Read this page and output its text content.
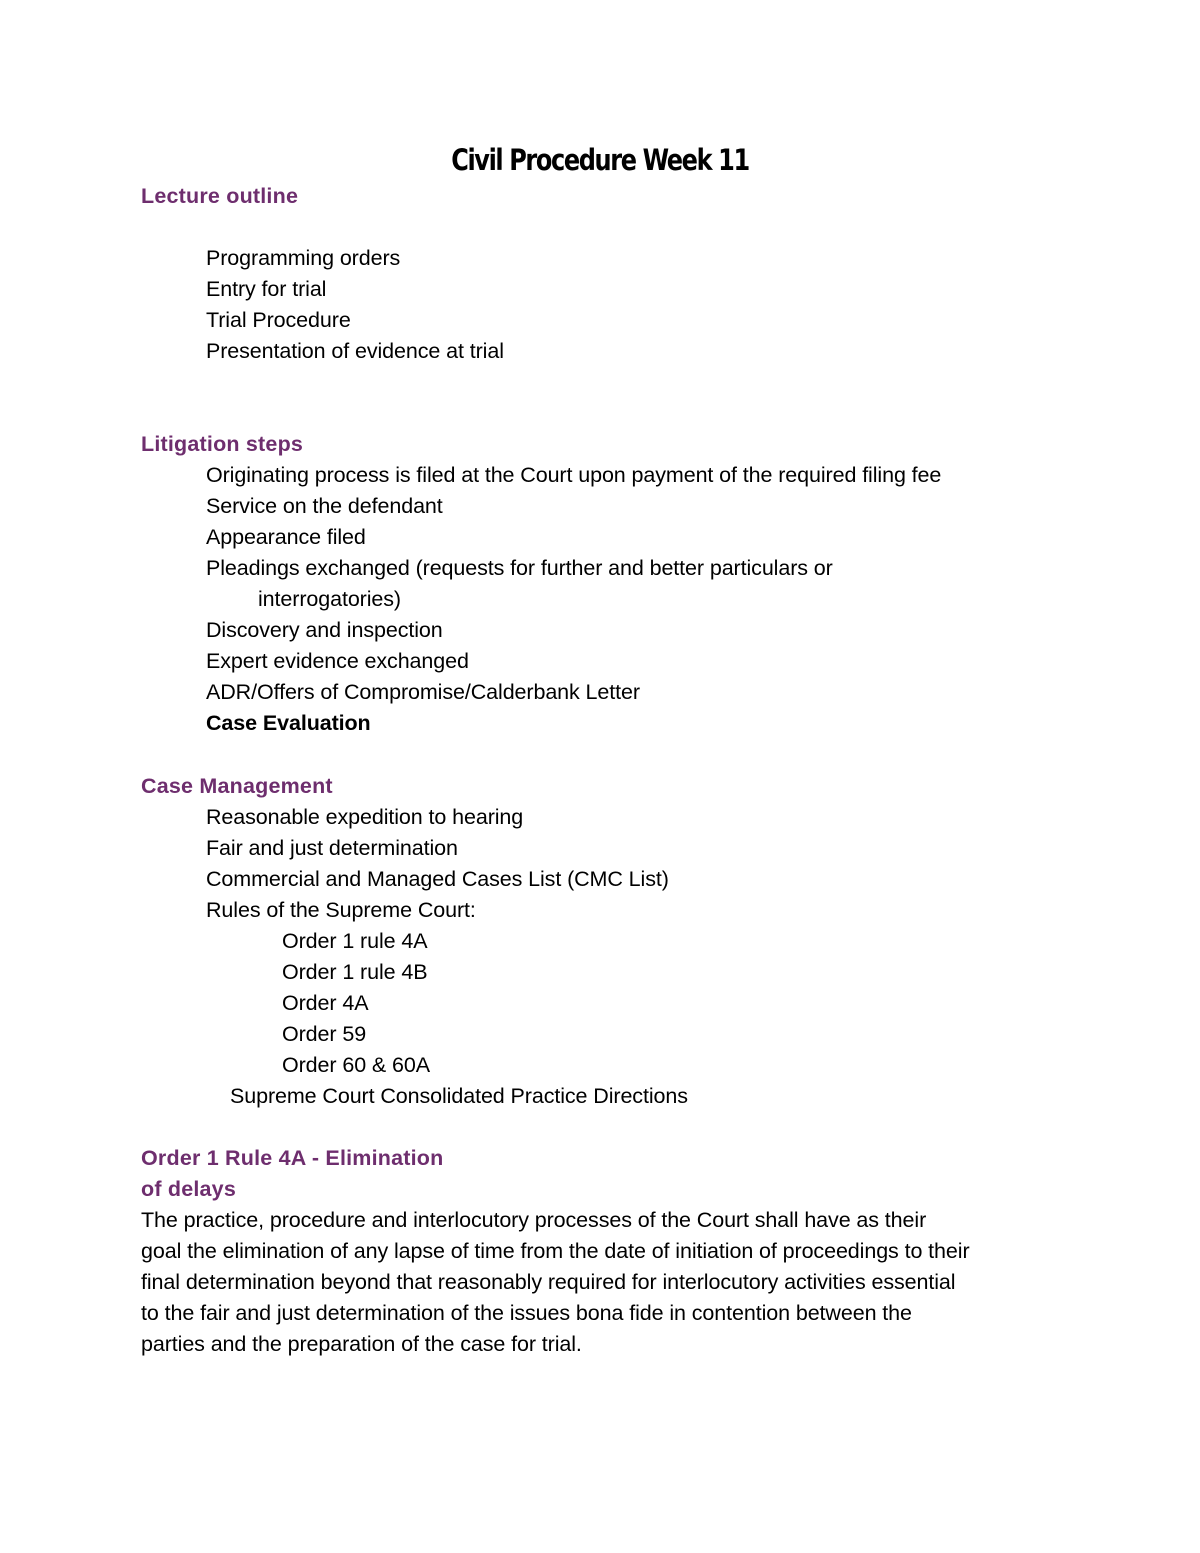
Civil Procedure Week 11
Lecture outline
Programming orders
Entry for trial
Trial Procedure
Presentation of evidence at trial
Litigation steps
Originating process is filed at the Court upon payment of the required filing fee
Service on the defendant
Appearance filed
Pleadings exchanged (requests for further and better particulars or
interrogatories)
Discovery and inspection
Expert evidence exchanged
ADR/Offers of Compromise/Calderbank Letter
Case Evaluation
Case Management
Reasonable expedition to hearing
Fair and just determination
Commercial and Managed Cases List (CMC List)
Rules of the Supreme Court:
Order 1 rule 4A
Order 1 rule 4B
Order 4A
Order 59
Order 60 & 60A
Supreme Court Consolidated Practice Directions
Order 1 Rule 4A - Elimination
of delays
The practice, procedure and interlocutory processes of the Court shall have as their
goal the elimination of any lapse of time from the date of initiation of proceedings to their
final determination beyond that reasonably required for interlocutory activities essential
to the fair and just determination of the issues bona fide in contention between the
parties and the preparation of the case for trial.
